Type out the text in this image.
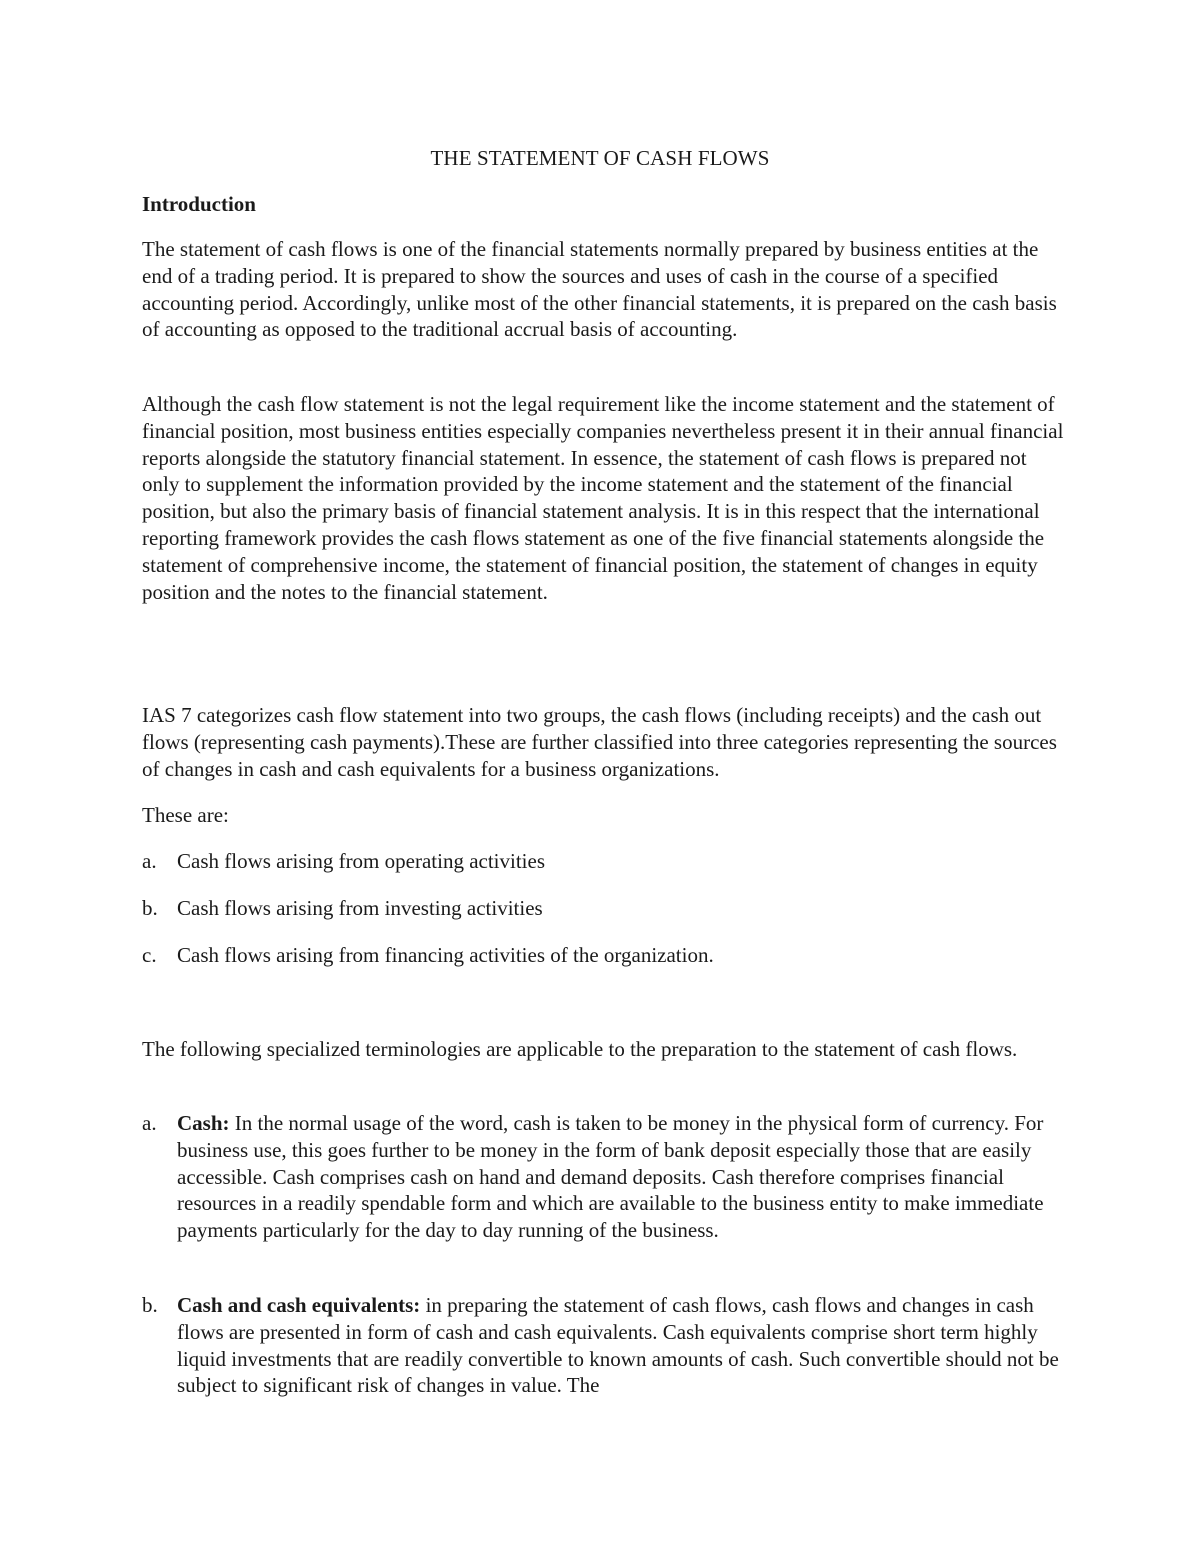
THE STATEMENT OF CASH FLOWS
Introduction

The statement of cash flows is one of the financial statements normally prepared by business entities at the end of a trading period. It is prepared to show the sources and uses of cash in the course of a specified accounting period. Accordingly, unlike most of the other financial statements, it is prepared on the cash basis of accounting as opposed to the traditional accrual basis of accounting.

Although the cash flow statement is not the legal requirement like the income statement and the statement of financial position, most business entities especially companies nevertheless present it in their annual financial reports alongside the statutory financial statement. In essence, the statement of cash flows is prepared not only to supplement the information provided by the income statement and the statement of the financial position, but also the primary basis of financial statement analysis. It is in this respect that the international reporting framework provides the cash flows statement as one of the five financial statements alongside the statement of comprehensive income, the statement of financial position, the statement of changes in equity position and the notes to the financial statement.

IAS 7 categorizes cash flow statement into two groups, the cash flows (including receipts) and the cash out flows (representing cash payments).These are further classified into three categories representing the sources of changes in cash and cash equivalents for a business organizations.

These are:

a. Cash flows arising from operating activities
b. Cash flows arising from investing activities
c. Cash flows arising from financing activities of the organization.

The following specialized terminologies are applicable to the preparation to the statement of cash flows.

a. Cash: In the normal usage of the word, cash is taken to be money in the physical form of currency. For business use, this goes further to be money in the form of bank deposit especially those that are easily accessible. Cash comprises cash on hand and demand deposits. Cash therefore comprises financial resources in a readily spendable form and which are available to the business entity to make immediate payments particularly for the day to day running of the business.
b. Cash and cash equivalents: in preparing the statement of cash flows, cash flows and changes in cash flows are presented in form of cash and cash equivalents. Cash equivalents comprise short term highly liquid investments that are readily convertible to known amounts of cash. Such convertible should not be subject to significant risk of changes in value. The
